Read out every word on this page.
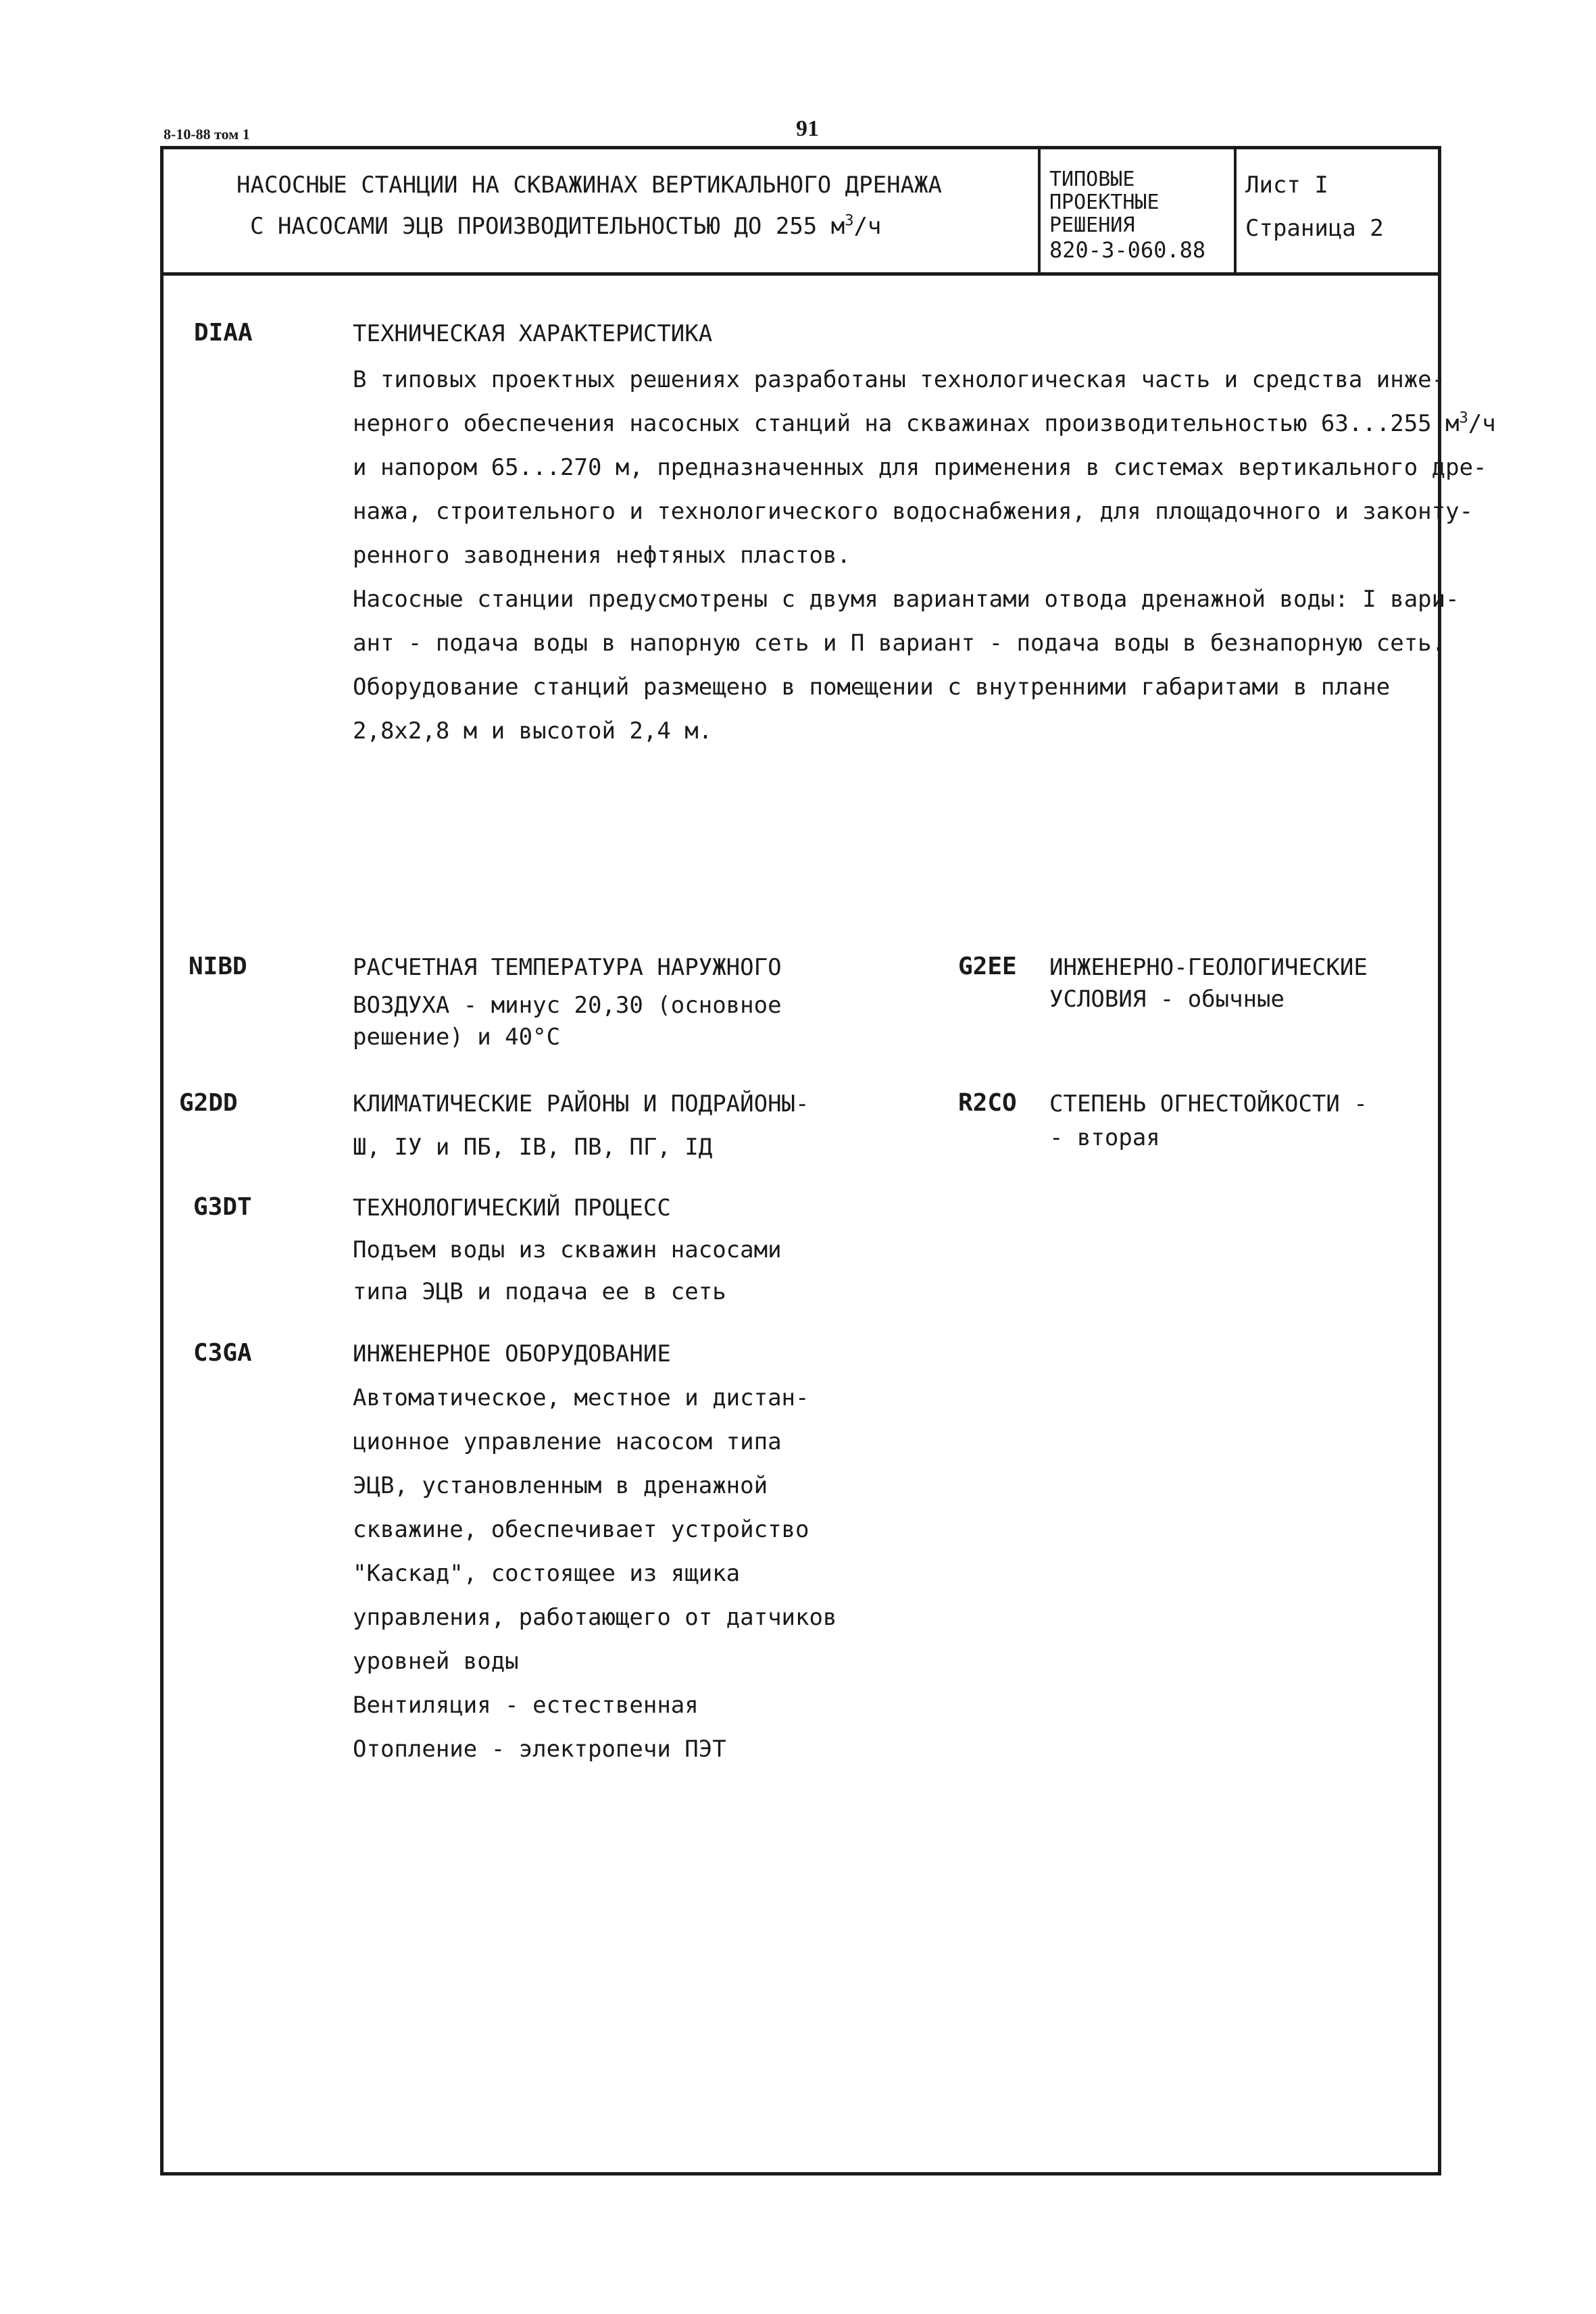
8-10-88 том 1	91
НАСОСНЫЕ СТАНЦИИ НА СКВАЖИНАХ ВЕРТИКАЛЬНОГО ДРЕНАЖА
С НАСОСАМИ ЭЦВ ПРОИЗВОДИТЕЛЬНОСТЬЮ ДО 255 $м^3/ч$
ТИПОВЫЕ
ПРОЕКТНЫЕ
РЕШЕНИЯ
820-3-060.88
Лист I
Страница 2
DIAA	ТЕХНИЧЕСКАЯ ХАРАКТЕРИСТИКА
В типовых проектных решениях разработаны технологическая часть и средства инже-
нерного обеспечения насосных станций на скважинах производительностью 63...255 $м^3/ч$
и напором 65...270 м, предназначенных для применения в системах вертикального дре-
нажа, строительного и технологического водоснабжения, для площадочного и законту-
ренного заводнения нефтяных пластов.
Насосные станции предусмотрены с двумя вариантами отвода дренажной воды: I вари-
ант - подача воды в напорную сеть и П вариант - подача воды в безнапорную сеть.
Оборудование станций размещено в помещении с внутренними габаритами в плане
2,8х2,8 м и высотой 2,4 м.
NIBD	РАСЧЕТНАЯ ТЕМПЕРАТУРА НАРУЖНОГО
ВОЗДУХА - минус 20,30 (основное
решение) и 40°С
G2EE ИНЖЕНЕРНО-ГЕОЛОГИЧЕСКИЕ
УСЛОВИЯ - обычные
G2DD	КЛИМАТИЧЕСКИЕ РАЙОНЫ И ПОДРАЙОНЫ-
Ш, IУ и ПБ, IВ, ПВ, ПГ, IД
R2CO СТЕПЕНЬ ОГНЕСТОЙКОСТИ -
- вторая
G3DT	ТЕХНОЛОГИЧЕСКИЙ ПРОЦЕСС
Подъем воды из скважин насосами
типа ЭЦВ и подача ее в сеть
C3GA	ИНЖЕНЕРНОЕ ОБОРУДОВАНИЕ
Автоматическое, местное и дистан-
ционное управление насосом типа
ЭЦВ, установленным в дренажной
скважине, обеспечивает устройство
"Каскад", состоящее из ящика
управления, работающего от датчиков
уровней воды
Вентиляция - естественная
Отопление - электропечи ПЭТ
